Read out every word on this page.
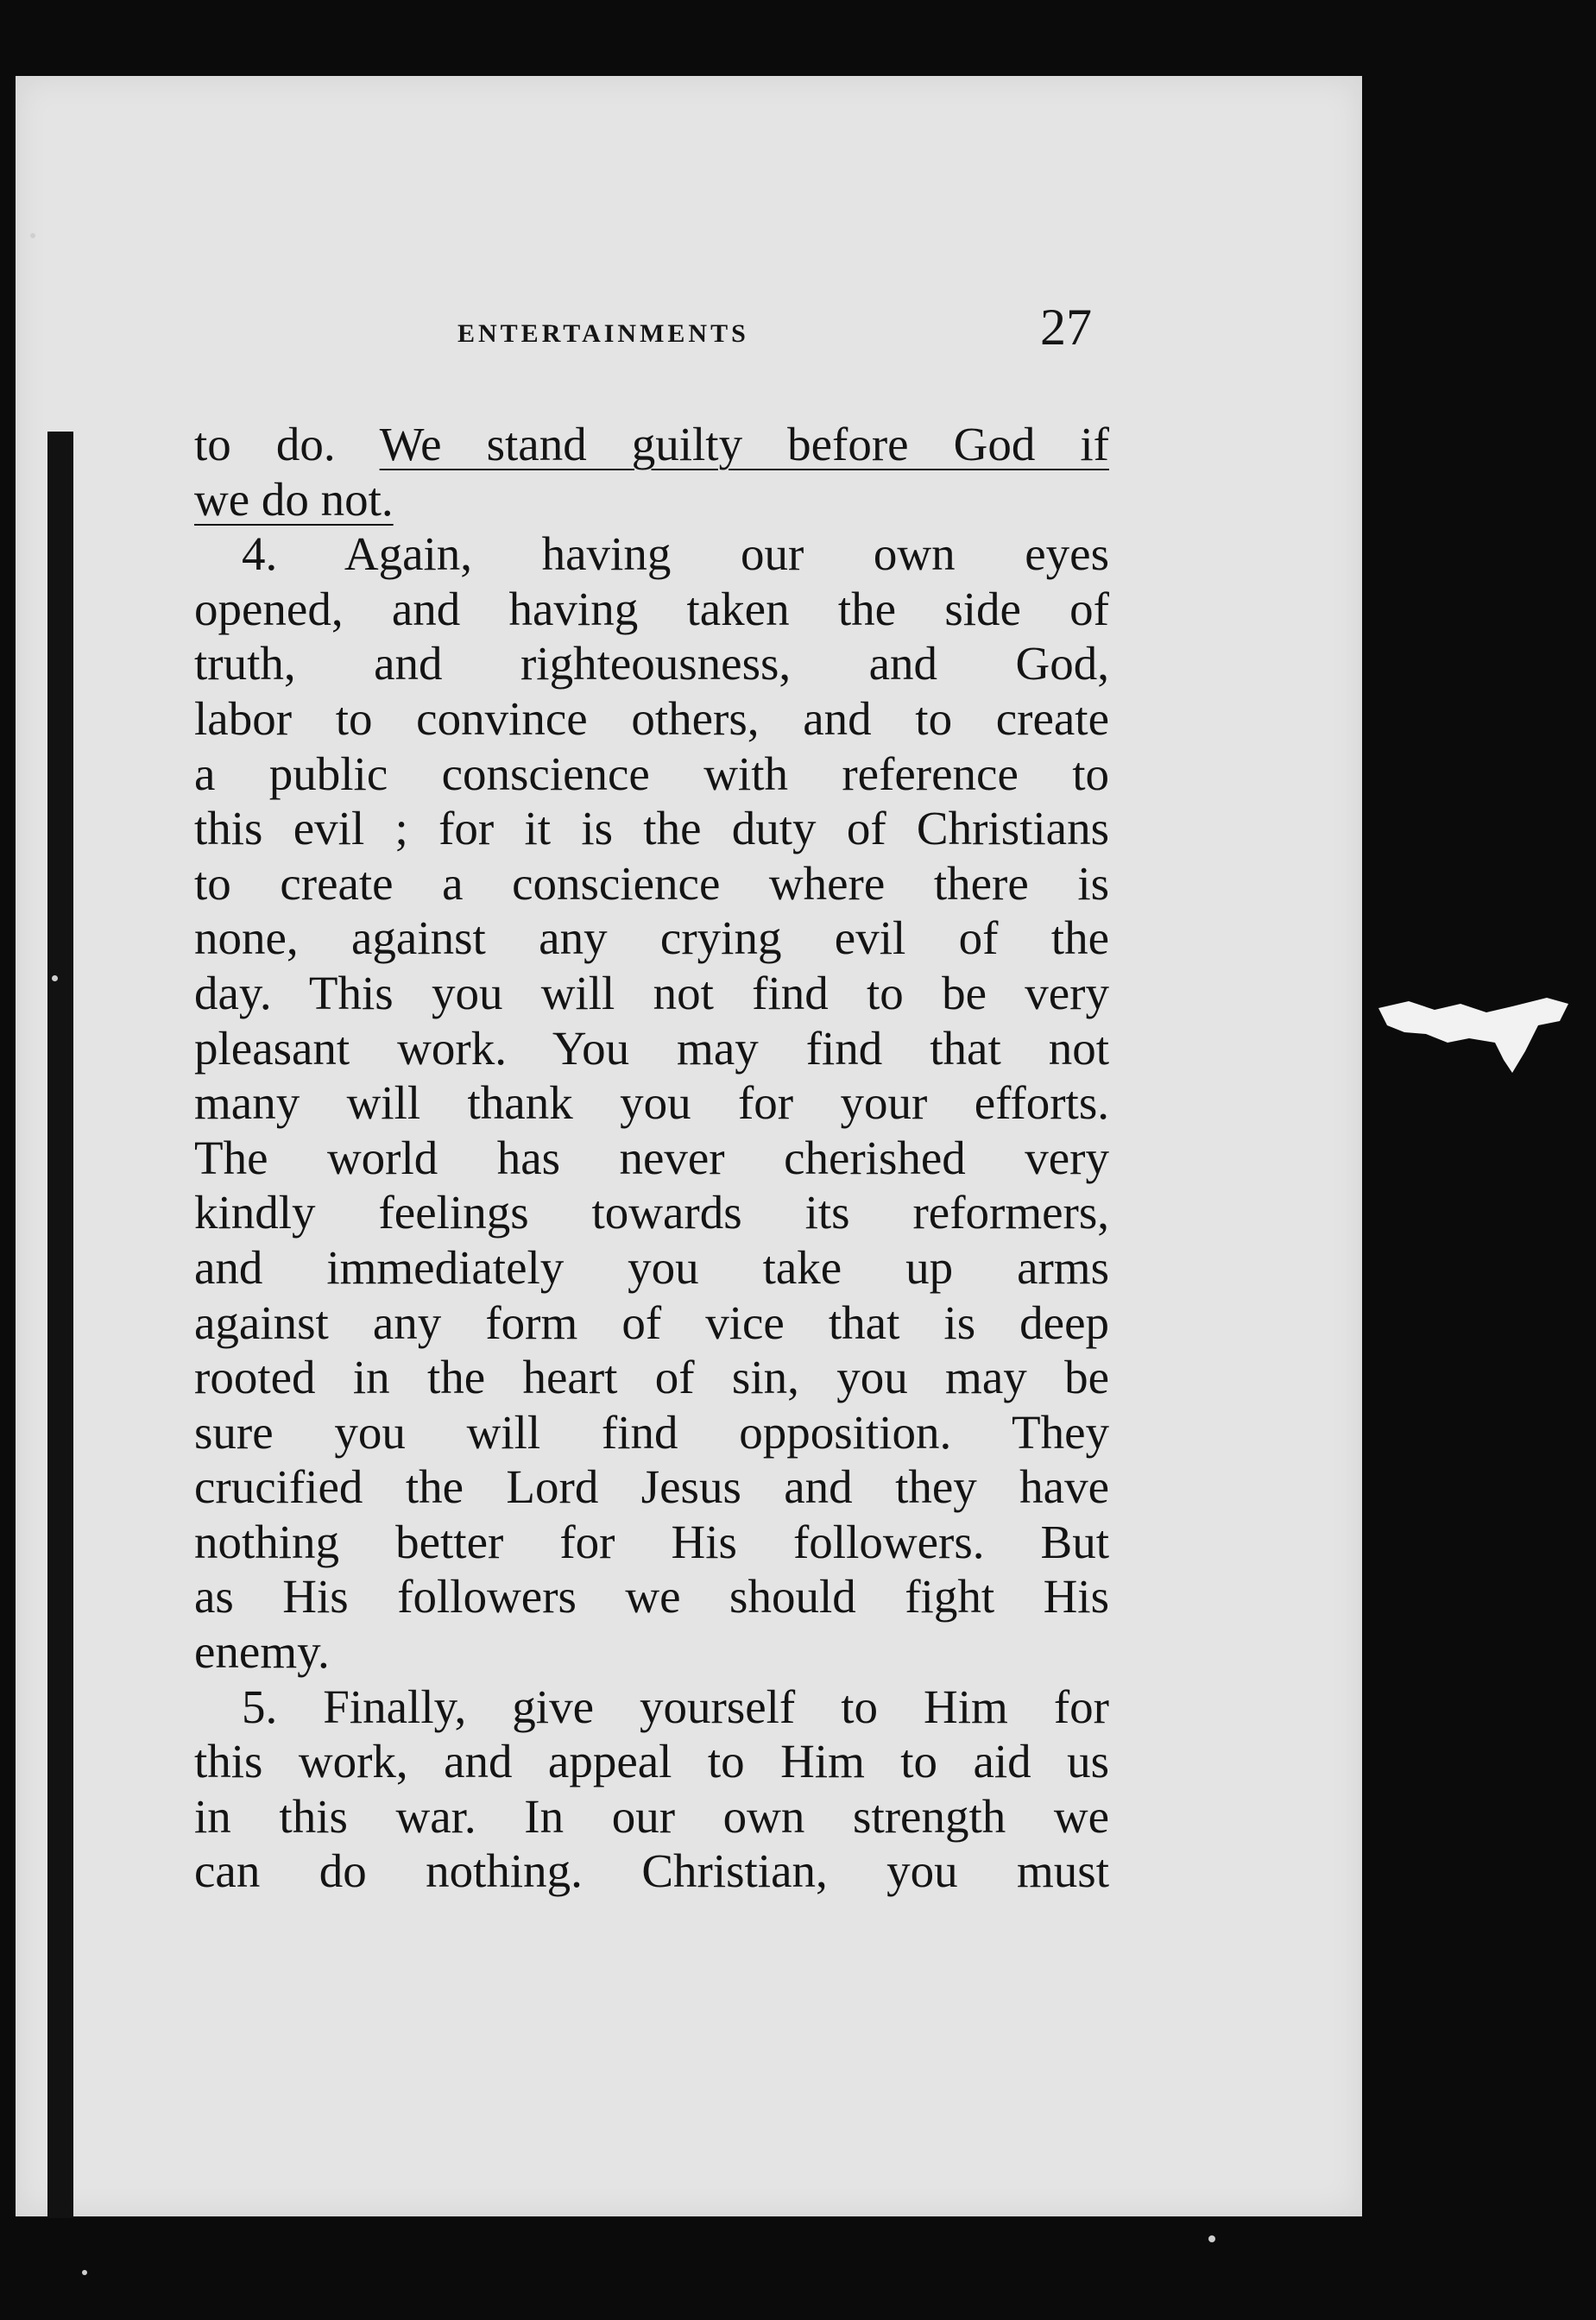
ENTERTAINMENTS	27
to do. We stand guilty before God if
we do not.
4. Again, having our own eyes
opened, and having taken the side of
truth, and righteousness, and God,
labor to convince others, and to create
a public conscience with reference to
this evil ; for it is the duty of Christians
to create a conscience where there is
none, against any crying evil of the
day. This you will not find to be very
pleasant work. You may find that not
many will thank you for your efforts.
The world has never cherished very
kindly feelings towards its reformers,
and immediately you take up arms
against any form of vice that is deep
rooted in the heart of sin, you may be
sure you will find opposition. They
crucified the Lord Jesus and they have
nothing better for His followers. But
as His followers we should fight His
enemy.
5. Finally, give yourself to Him for
this work, and appeal to Him to aid us
in this war. In our own strength we
can do nothing. Christian, you must
